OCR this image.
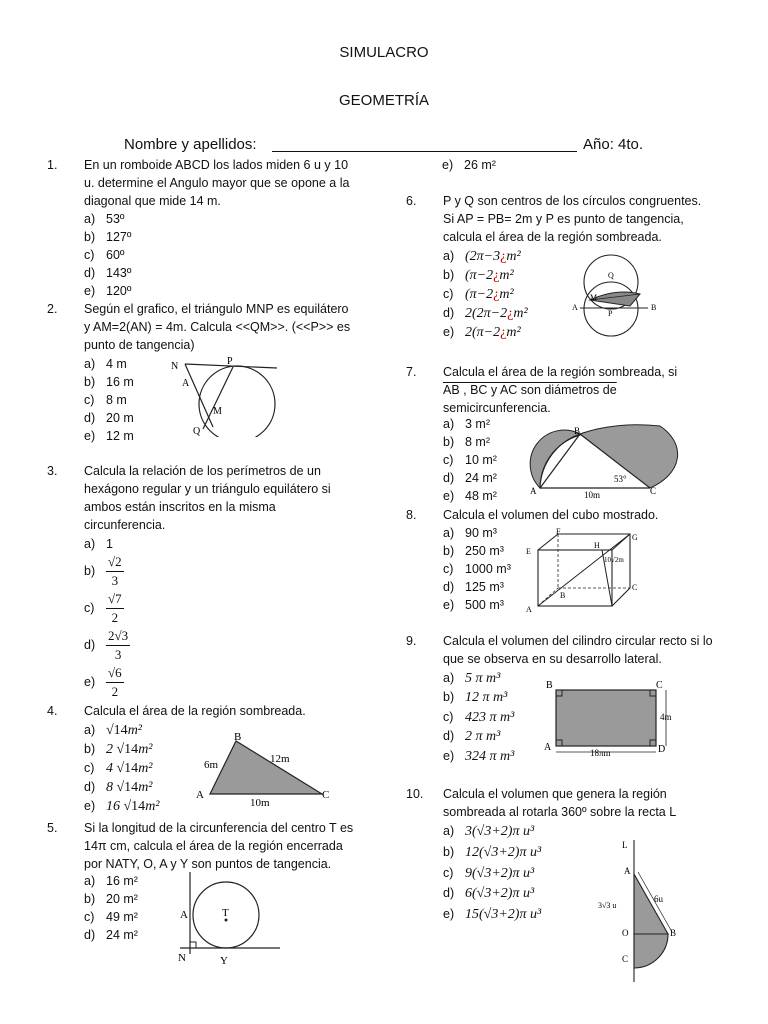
SIMULACRO
GEOMETRÍA
Nombre y apellidos:	Año: 4to.
1. En un romboide ABCD los lados miden 6 u y 10
u. determine el Angulo mayor que se opone a la
diagonal que mide 14 m.
a) 53º
b) 127º
c) 60º
d) 143º
e) 120º
2. Según el grafico, el triángulo MNP es equilátero
y AM=2(AN) = 4m. Calcula <<QM>>. (<<P>> es
punto de tangencia)
a) 4 m
b) 16 m
c) 8 m
d) 20 m
e) 12 m
N	P
A
M
Q
3. Calcula la relación de los perímetros de un
hexágono regular y un triángulo equilátero si
ambos están inscritos en la misma
circunferencia.
a) 1
$b) \frac{√2}{3}$
$c) \frac{√7}{2}$
$d) \frac{2√3}{3}$
$e) \frac{√6}{2}$
4. Calcula el área de la región sombreada.
a) √14m²
b) 2 √14m²
c) 4 √14m²
d) 8 √14m²
e) 16 √14m²
B
6m	12m
A
10m
C
5. Si la longitud de la circunferencia del centro T es
14π cm, calcula el área de la región encerrada
por NATY, O, A y Y son puntos de tangencia.
a) 16 m²
b) 20 m²
c) 49 m²
d) 24 m²
e) 26 m²
A	T
N	Y
6. P y Q son centros de los círculos congruentes.
Si AP = PB= 2m y P es punto de tangencia,
calcula el área de la región sombreada.
a) (2π−3¿m²
b) (π−2¿m²
c) (π−2¿m²
d) 2(2π−2¿m²
e) 2(π−2¿m²
Q
M
A
P
B
7. Calcula el área de la región sombreada, si
AB , BC y AC son diámetros de
semicircunferencia.
a) 3 m²
b) 8 m²
c) 10 m²
d) 24 m²
e) 48 m²
B
53°
A	10m	C
8. Calcula el volumen del cubo mostrado.
a) 90 m³
b) 250 m³
c) 1000 m³
d) 125 m³
e) 500 m³
F
E
H
G
10√2m
C
B
A
9. Calcula el volumen del cilindro circular recto si lo
que se observa en su desarrollo lateral.
a) 5 π m³
b) 12 π m³
c) 423 π m³
d) 2 π m³
e) 324 π m³
B	C
4m
A	18πm	D
10. Calcula el volumen que genera la región
sombreada al rotarla 360º sobre la recta L
a) 3(√3+2)π u³
b) 12(√3+2)π u³
c) 9(√3+2)π u³
d) 6(√3+2)π u³
e) 15(√3+2)π u³
L
A
6u
3√3 u
O	B
C
